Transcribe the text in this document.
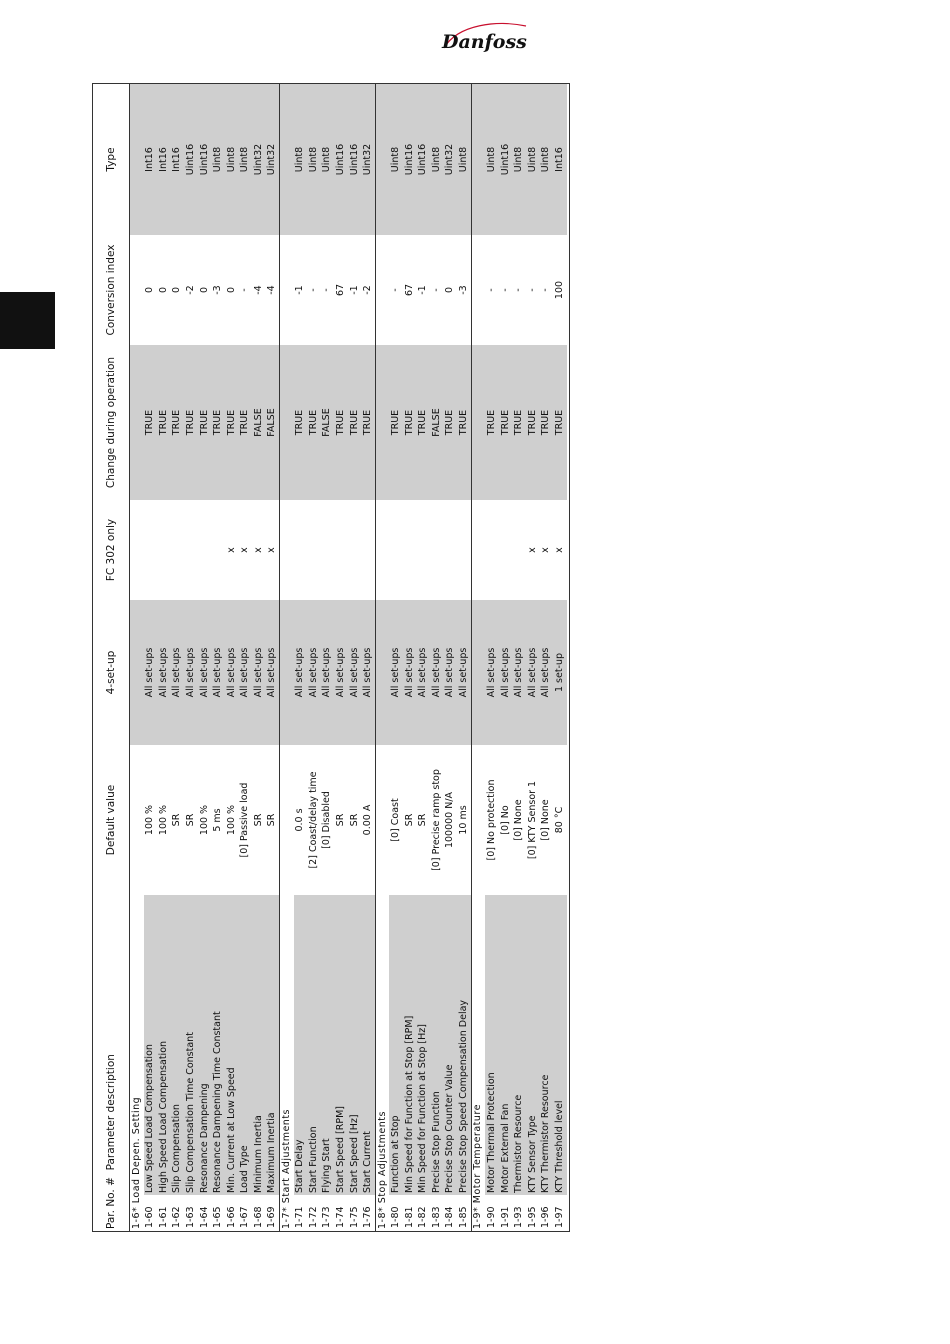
Danfoss
Par. No. #  Parameter description		Default value	4-set-up	FC 302 only	Change during operation	Conversion index	Type
1-6* Load Depen. Setting							
1-60	Low Speed Load Compensation	100 %	All set-ups		TRUE	0	Int16
1-61	High Speed Load Compensation	100 %	All set-ups		TRUE	0	Int16
1-62	Slip Compensation	SR	All set-ups		TRUE	0	Int16
1-63	Slip Compensation Time Constant	SR	All set-ups		TRUE	-2	Uint16
1-64	Resonance Dampening	100 %	All set-ups		TRUE	0	Uint16
1-65	Resonance Dampening Time Constant	5 ms	All set-ups		TRUE	-3	Uint8
1-66	Min. Current at Low Speed	100 %	All set-ups	x	TRUE	0	Uint8
1-67	Load Type	[0] Passive load	All set-ups	x	TRUE	-	Uint8
1-68	Minimum Inertia	SR	All set-ups	x	FALSE	-4	Uint32
1-69	Maximum Inertia	SR	All set-ups	x	FALSE	-4	Uint32
1-7* Start Adjustments							
1-71	Start Delay	0.0 s	All set-ups		TRUE	-1	Uint8
1-72	Start Function	[2] Coast/delay time	All set-ups		TRUE	-	Uint8
1-73	Flying Start	[0] Disabled	All set-ups		FALSE	-	Uint8
1-74	Start Speed [RPM]	SR	All set-ups		TRUE	67	Uint16
1-75	Start Speed [Hz]	SR	All set-ups		TRUE	-1	Uint16
1-76	Start Current	0.00 A	All set-ups		TRUE	-2	Uint32
1-8* Stop Adjustments							
1-80	Function at Stop	[0] Coast	All set-ups		TRUE	-	Uint8
1-81	Min Speed for Function at Stop [RPM]	SR	All set-ups		TRUE	67	Uint16
1-82	Min Speed for Function at Stop [Hz]	SR	All set-ups		TRUE	-1	Uint16
1-83	Precise Stop Function	[0] Precise ramp stop	All set-ups		FALSE	-	Uint8
1-84	Precise Stop Counter Value	100000 N/A	All set-ups		TRUE	0	Uint32
1-85	Precise Stop Speed Compensation Delay	10 ms	All set-ups		TRUE	-3	Uint8
1-9* Motor Temperature							
1-90	Motor Thermal Protection	[0] No protection	All set-ups		TRUE	-	Uint8
1-91	Motor External Fan	[0] No	All set-ups		TRUE	-	Uint16
1-93	Thermistor Resource	[0] None	All set-ups		TRUE	-	Uint8
1-95	KTY Sensor Type	[0] KTY Sensor 1	All set-ups	x	TRUE	-	Uint8
1-96	KTY Thermistor Resource	[0] None	All set-ups	x	TRUE	-	Uint8
1-97	KTY Threshold level	80 °C	1 set-up	x	TRUE	100	Int16
